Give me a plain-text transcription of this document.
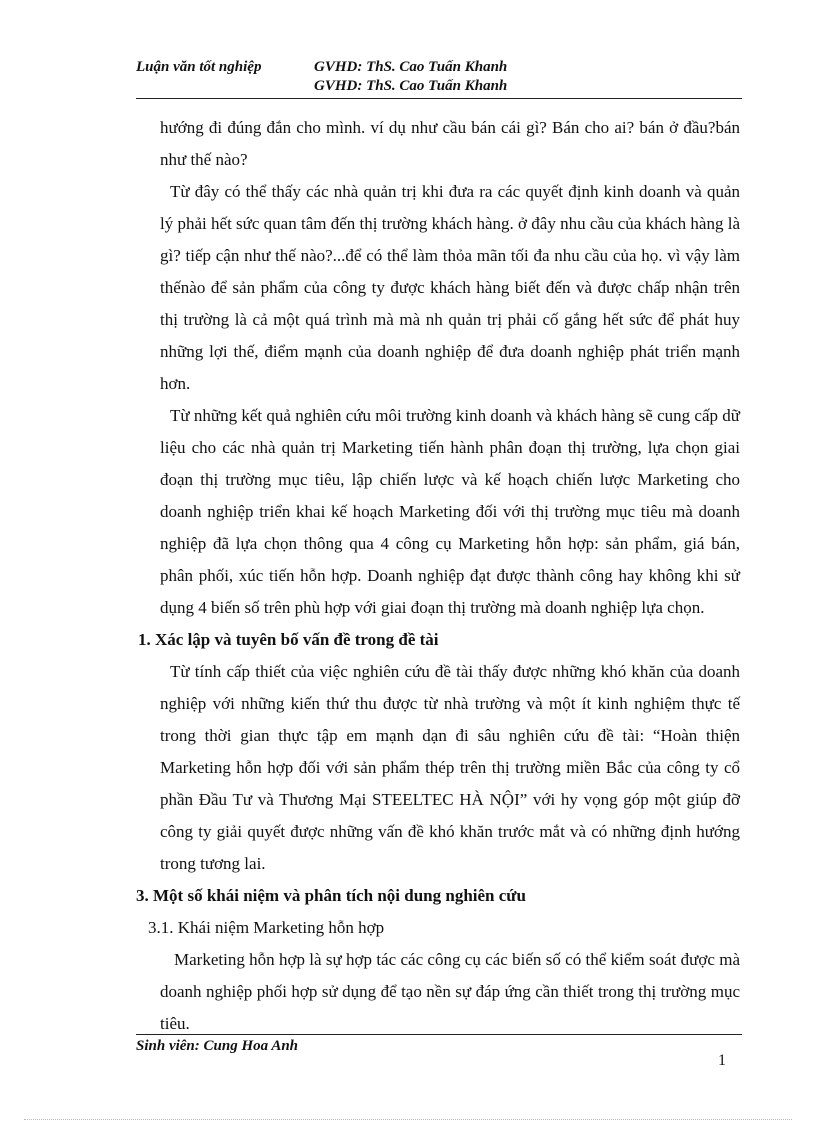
Luận văn tốt nghiệp	GVHD: ThS. Cao Tuấn Khanh
GVHD: ThS. Cao Tuấn Khanh

hướng đi đúng đắn cho mình. ví dụ như cầu bán cái gì? Bán cho ai? bán ở đầu?bán như thế nào?

Từ đây có thể thấy các nhà quản trị khi đưa ra các quyết định kinh doanh và quản lý phải hết sức quan tâm đến thị trường khách hàng. ở đây nhu cầu của khách hàng là gì? tiếp cận như thế nào?...để có thể làm thỏa mãn tối đa nhu cầu của họ. vì vậy làm thếnào để sản phẩm của công ty được khách hàng biết đến và được chấp nhận trên thị trường là cả một quá trình mà mà nh quản trị phải cố gắng hết sức để phát huy những lợi thế, điểm mạnh của doanh nghiệp để đưa doanh nghiệp phát triển mạnh hơn.

Từ những kết quả nghiên cứu môi trường kinh doanh và khách hàng sẽ cung cấp dữ liệu cho các nhà quản trị Marketing tiến hành phân đoạn thị trường, lựa chọn giai đoạn thị trường mục tiêu, lập chiến lược và kế hoạch chiến lược Marketing cho doanh nghiệp triển khai kế hoạch Marketing đối với thị trường mục tiêu mà doanh nghiệp đã lựa chọn thông qua 4 công cụ Marketing hỗn hợp: sản phẩm, giá bán, phân phối, xúc tiến hỗn hợp. Doanh nghiệp đạt được thành công hay không khi sử dụng 4 biến số trên phù hợp với giai đoạn thị trường mà doanh nghiệp lựa chọn.

1. Xác lập và tuyên bố vấn đề trong đề tài

Từ tính cấp thiết của việc nghiên cứu đề tài thấy được những khó khăn của doanh nghiệp với những kiến thứ thu được từ nhà trường và một ít kinh nghiệm thực tế trong thời gian thực tập em mạnh dạn đi sâu nghiên cứu đề tài: “Hoàn thiện Marketing hỗn hợp đối với sản phẩm thép trên thị trường miền Bắc của công ty cổ phần Đầu Tư và Thương Mại STEELTEC HÀ NỘI” với hy vọng góp một giúp đỡ công ty giải quyết được những vấn đề khó khăn trước mắt và có những định hướng trong tương lai.

3. Một số khái niệm và phân tích nội dung nghiên cứu

3.1. Khái niệm Marketing hỗn hợp

Marketing hỗn hợp là sự hợp tác các công cụ các biến số có thể kiểm soát được mà doanh nghiệp phối hợp sử dụng để tạo nền sự đáp ứng cần thiết trong thị trường mục tiêu.

Sinh viên: Cung Hoa Anh
1
